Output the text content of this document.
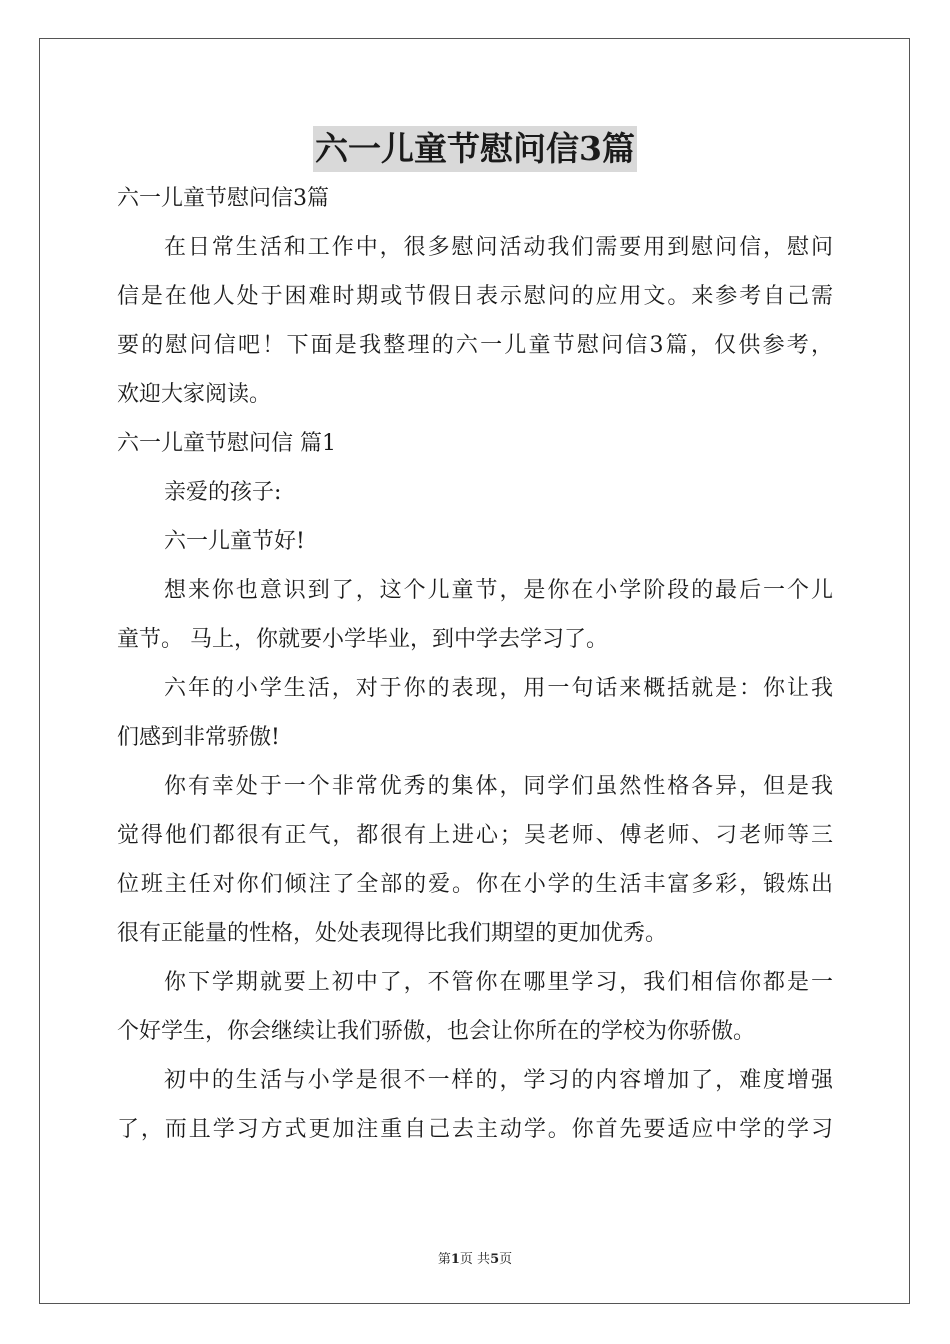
六一儿童节慰问信3篇
六一儿童节慰问信3篇
在日常生活和工作中，很多慰问活动我们需要用到慰问信，慰问
信是在他人处于困难时期或节假日表示慰问的应用文。来参考自己需
要的慰问信吧！下面是我整理的六一儿童节慰问信3篇，仅供参考，
欢迎大家阅读。
六一儿童节慰问信 篇1
亲爱的孩子:
六一儿童节好!
想来你也意识到了，这个儿童节，是你在小学阶段的最后一个儿
童节。 马上，你就要小学毕业，到中学去学习了。
六年的小学生活，对于你的表现，用一句话来概括就是：你让我
们感到非常骄傲!
你有幸处于一个非常优秀的集体，同学们虽然性格各异，但是我
觉得他们都很有正气，都很有上进心；吴老师、傅老师、刁老师等三
位班主任对你们倾注了全部的爱。你在小学的生活丰富多彩，锻炼出
很有正能量的性格，处处表现得比我们期望的更加优秀。
你下学期就要上初中了，不管你在哪里学习，我们相信你都是一
个好学生，你会继续让我们骄傲，也会让你所在的学校为你骄傲。
初中的生活与小学是很不一样的，学习的内容增加了，难度增强
了，而且学习方式更加注重自己去主动学。你首先要适应中学的学习
第1页 共5页
